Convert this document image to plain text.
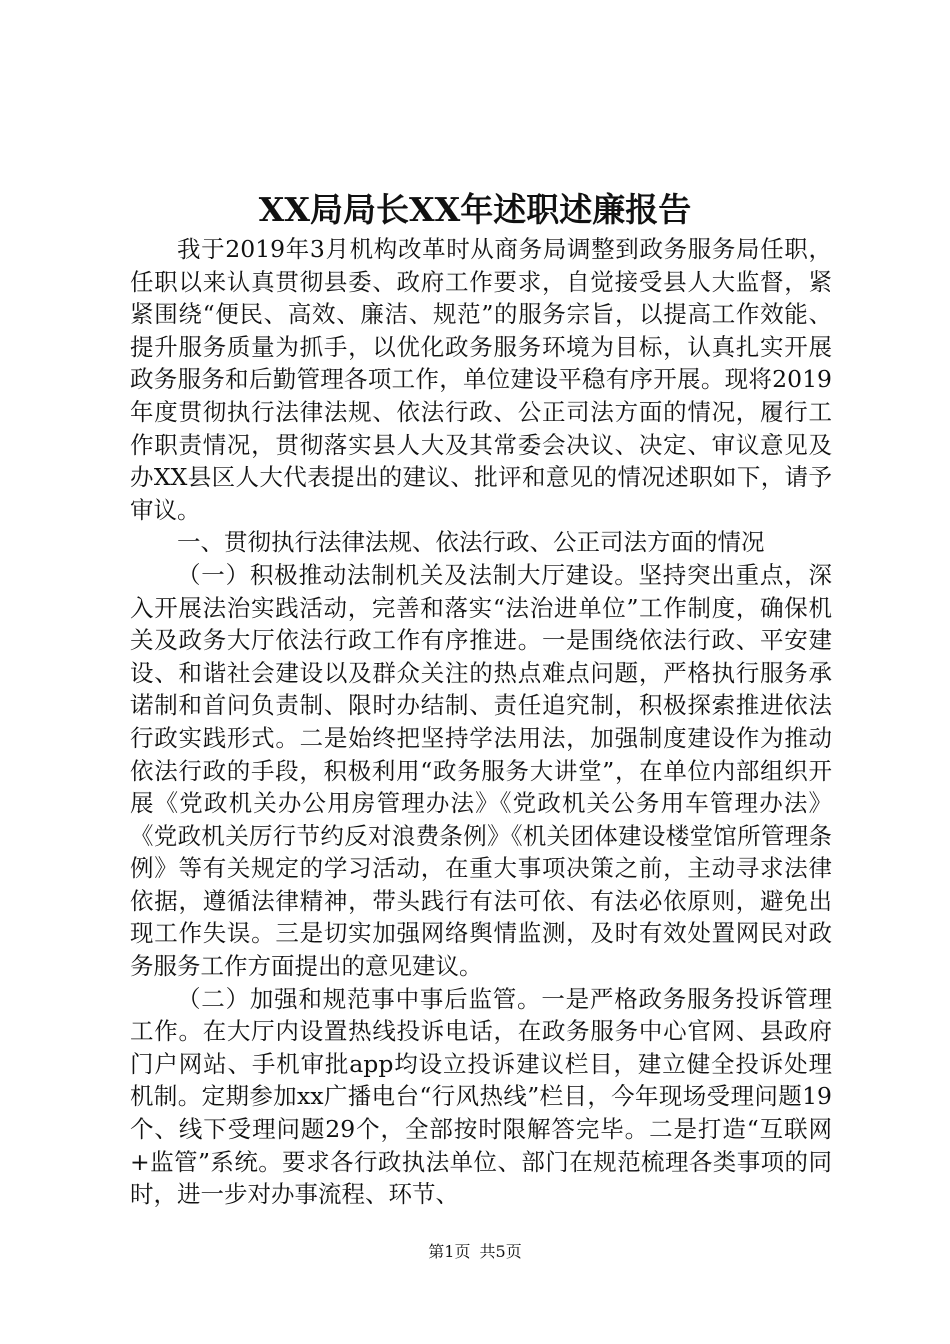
XX局局长XX年述职述廉报告

我于2019年3月机构改革时从商务局调整到政务服务局任职，任职以来认真贯彻县委、政府工作要求，自觉接受县人大监督，紧紧围绕“便民、高效、廉洁、规范”的服务宗旨，以提高工作效能、提升服务质量为抓手，以优化政务服务环境为目标，认真扎实开展政务服务和后勤管理各项工作，单位建设平稳有序开展。现将2019年度贯彻执行法律法规、依法行政、公正司法方面的情况，履行工作职责情况，贯彻落实县人大及其常委会决议、决定、审议意见及办XX县区人大代表提出的建议、批评和意见的情况述职如下，请予审议。

一、贯彻执行法律法规、依法行政、公正司法方面的情况

（一）积极推动法制机关及法制大厅建设。坚持突出重点，深入开展法治实践活动，完善和落实“法治进单位”工作制度，确保机关及政务大厅依法行政工作有序推进。一是围绕依法行政、平安建设、和谐社会建设以及群众关注的热点难点问题，严格执行服务承诺制和首问负责制、限时办结制、责任追究制，积极探索推进依法行政实践形式。二是始终把坚持学法用法，加强制度建设作为推动依法行政的手段，积极利用“政务服务大讲堂”，在单位内部组织开展《党政机关办公用房管理办法》《党政机关公务用车管理办法》《党政机关厉行节约反对浪费条例》《机关团体建设楼堂馆所管理条例》等有关规定的学习活动，在重大事项决策之前，主动寻求法律依据，遵循法律精神，带头践行有法可依、有法必依原则，避免出现工作失误。三是切实加强网络舆情监测，及时有效处置网民对政务服务工作方面提出的意见建议。

（二）加强和规范事中事后监管。一是严格政务服务投诉管理工作。在大厅内设置热线投诉电话，在政务服务中心官网、县政府门户网站、手机审批app均设立投诉建议栏目，建立健全投诉处理机制。定期参加xx广播电台“行风热线”栏目，今年现场受理问题19个、线下受理问题29个，全部按时限解答完毕。二是打造“互联网+监管”系统。要求各行政执法单位、部门在规范梳理各类事项的同时，进一步对办事流程、环节、

第1页 共5页
